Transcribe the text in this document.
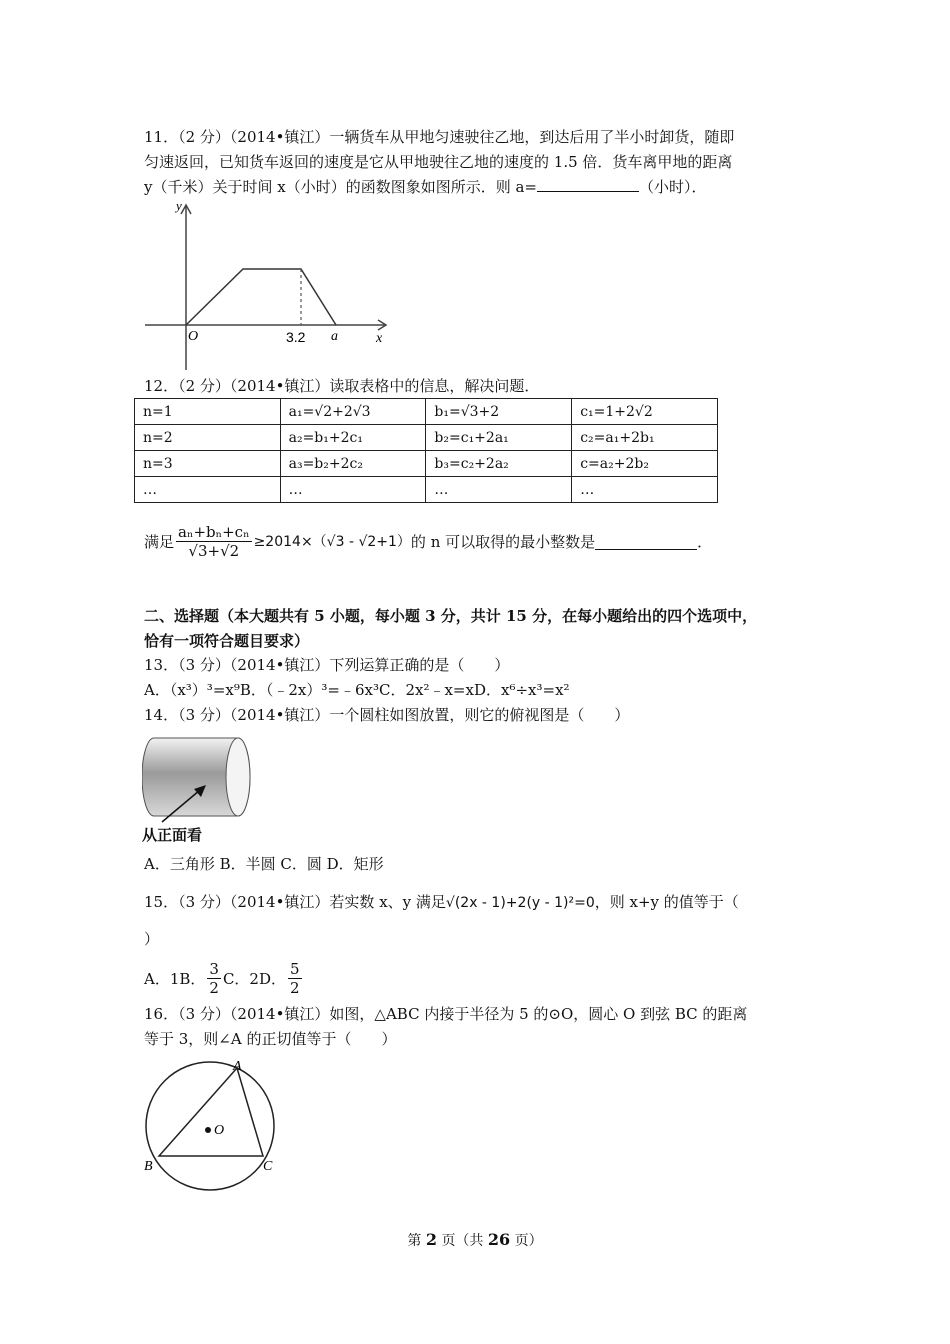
11．（2 分）（2014•镇江）一辆货车从甲地匀速驶往乙地，到达后用了半小时卸货，随即
匀速返回，已知货车返回的速度是它从甲地驶往乙地的速度的 1.5 倍．货车离甲地的距离
y（千米）关于时间 x（小时）的函数图象如图所示．则 a=	（小时）．
y
x
O	3.2 a
12．（2 分）（2014•镇江）读取表格中的信息，解决问题．
n=1	a₁=√2+2√3	b₁=√3+2	c₁=1+2√2
n=2	a₂=b₁+2c₁	b₂=c₁+2a₁	c₂=a₁+2b₁
n=3	a₃=b₂+2c₂	b₃=c₂+2a₂	c=a₂+2b₂
…	…	…	…
满足 $\frac{\text{aₙ+bₙ+cₙ}}{√3+√2} \ge 2014\times(√3 - √2+1)$ 的 n 可以取得的最小整数是	．
二、选择题（本大题共有 5 小题，每小题 3 分，共计 15 分，在每小题给出的四个选项中，
恰有一项符合题目要求）
13．（3 分）（2014•镇江）下列运算正确的是（　　）
A．（x³）³=x⁹B．（﹣2x）³=﹣6x³C．2x²﹣x=xD．x⁶÷x³=x²
14．（3 分）（2014•镇江）一个圆柱如图放置，则它的俯视图是（　　）
从正面看
A．三角形 B．半圆 C．圆 D．矩形
15．（3 分）（2014•镇江）若实数 x、y 满足√(2x - 1)+2(y - 1)²=0，则 x+y 的值等于（
）
A．1B． $\frac{3}{2}$ C．2D． $\frac{5}{2}$
16．（3 分）（2014•镇江）如图，△ABC 内接于半径为 5 的⊙O，圆心 O 到弦 BC 的距离
等于 3，则∠A 的正切值等于（　　）
A
B	C
O
第 2 页（共 26 页）
